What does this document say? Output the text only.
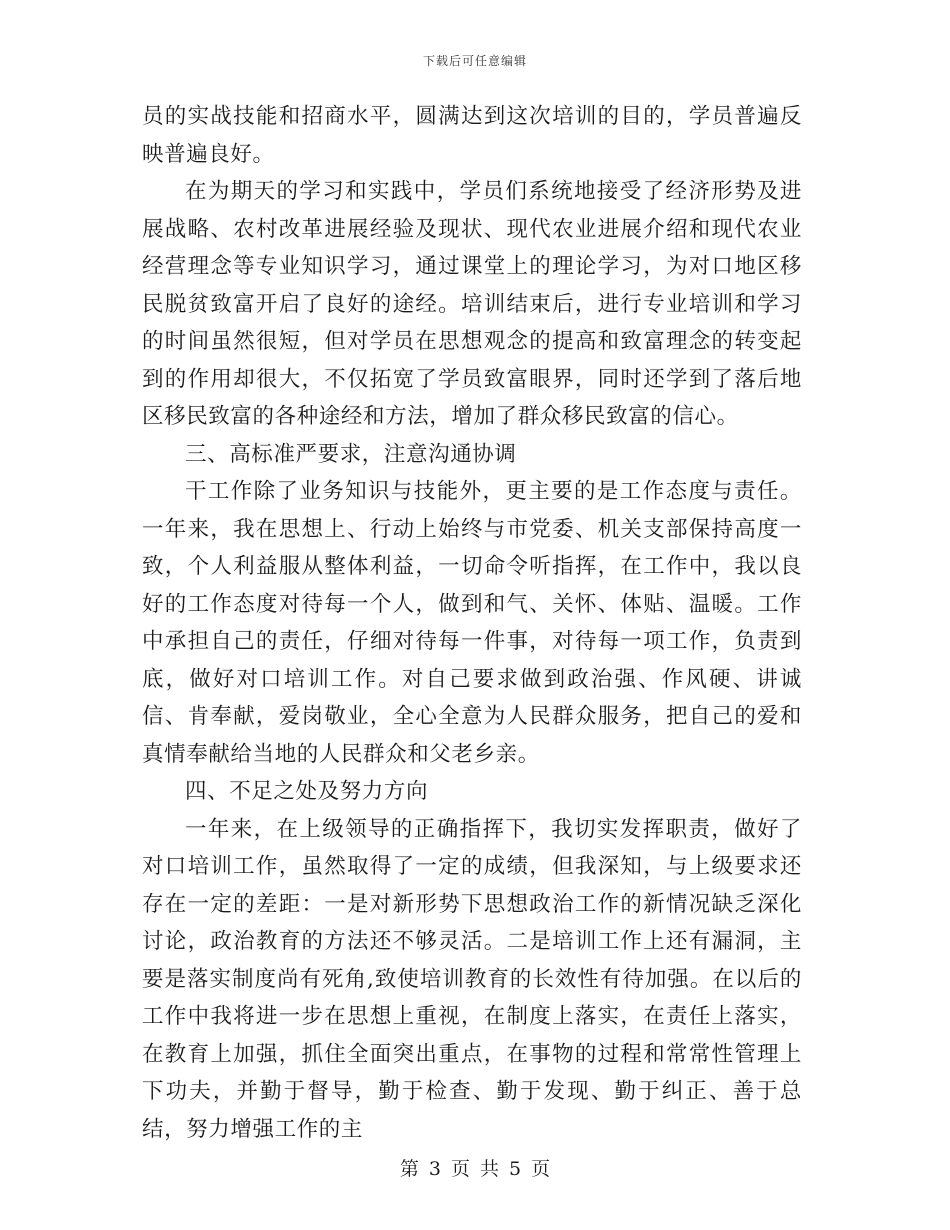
下载后可任意编辑

员的实战技能和招商水平，圆满达到这次培训的目的，学员普遍反映普遍良好。

在为期天的学习和实践中，学员们系统地接受了经济形势及进展战略、农村改革进展经验及现状、现代农业进展介绍和现代农业经营理念等专业知识学习，通过课堂上的理论学习，为对口地区移民脱贫致富开启了良好的途经。培训结束后，进行专业培训和学习的时间虽然很短，但对学员在思想观念的提高和致富理念的转变起到的作用却很大，不仅拓宽了学员致富眼界，同时还学到了落后地区移民致富的各种途经和方法，增加了群众移民致富的信心。

三、高标准严要求，注意沟通协调

干工作除了业务知识与技能外，更主要的是工作态度与责任。一年来，我在思想上、行动上始终与市党委、机关支部保持高度一致，个人利益服从整体利益，一切命令听指挥，在工作中，我以良好的工作态度对待每一个人，做到和气、关怀、体贴、温暖。工作中承担自己的责任，仔细对待每一件事，对待每一项工作，负责到底，做好对口培训工作。对自己要求做到政治强、作风硬、讲诚信、肯奉献，爱岗敬业，全心全意为人民群众服务，把自己的爱和真情奉献给当地的人民群众和父老乡亲。

四、不足之处及努力方向

一年来，在上级领导的正确指挥下，我切实发挥职责，做好了对口培训工作，虽然取得了一定的成绩，但我深知，与上级要求还存在一定的差距：一是对新形势下思想政治工作的新情况缺乏深化讨论，政治教育的方法还不够灵活。二是培训工作上还有漏洞，主要是落实制度尚有死角,致使培训教育的长效性有待加强。在以后的工作中我将进一步在思想上重视，在制度上落实，在责任上落实，在教育上加强，抓住全面突出重点，在事物的过程和常常性管理上下功夫，并勤于督导，勤于检查、勤于发现、勤于纠正、善于总结，努力增强工作的主

第 3 页 共 5 页
